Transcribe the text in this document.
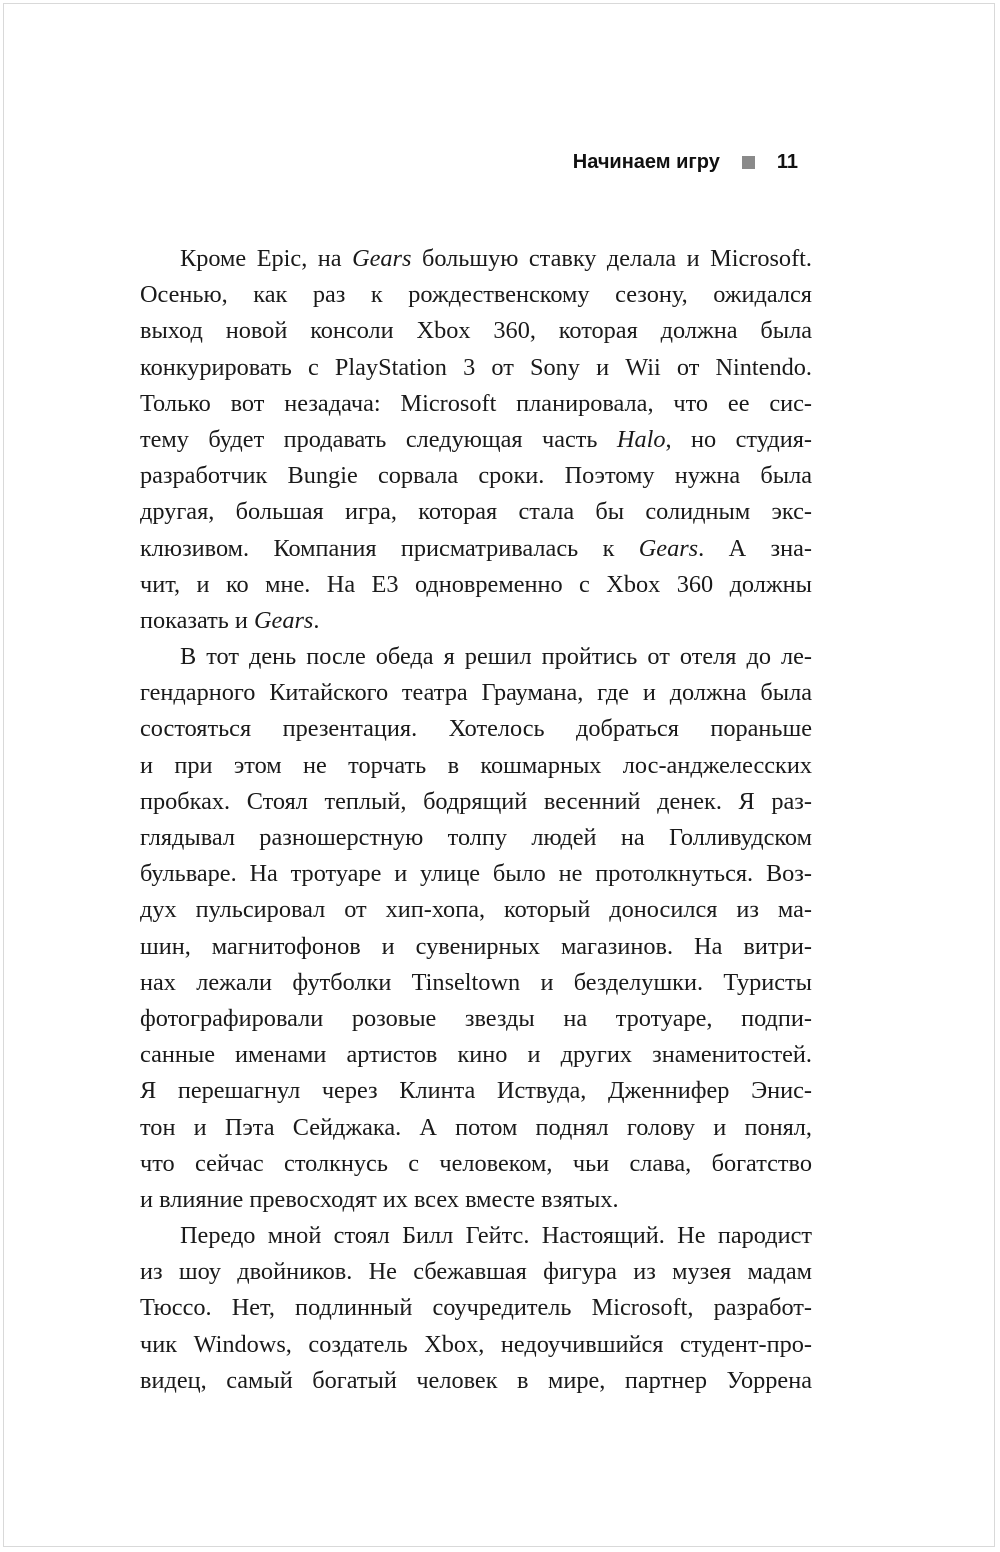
Начинаем игру	11
Кроме Epic, на Gears большую ставку делала и Microsoft.
Осенью, как раз к рождественскому сезону, ожидался
выход новой консоли Xbox 360, которая должна была
конкурировать с PlayStation 3 от Sony и Wii от Nintendo.
Только вот незадача: Microsoft планировала, что ее сис-
тему будет продавать следующая часть Halo, но студия-
разработчик Bungie сорвала сроки. Поэтому нужна была
другая, большая игра, которая стала бы солидным экс-
клюзивом. Компания присматривалась к Gears. А зна-
чит, и ко мне. На E3 одновременно с Xbox 360 должны
показать и Gears.
В тот день после обеда я решил пройтись от отеля до ле-
гендарного Китайского театра Граумана, где и должна была
состояться презентация. Хотелось добраться пораньше
и при этом не торчать в кошмарных лос-анджелесских
пробках. Стоял теплый, бодрящий весенний денек. Я раз-
глядывал разношерстную толпу людей на Голливудском
бульваре. На тротуаре и улице было не протолкнуться. Воз-
дух пульсировал от хип-хопа, который доносился из ма-
шин, магнитофонов и сувенирных магазинов. На витри-
нах лежали футболки Tinseltown и безделушки. Туристы
фотографировали розовые звезды на тротуаре, подпи-
санные именами артистов кино и других знаменитостей.
Я перешагнул через Клинта Иствуда, Дженнифер Энис-
тон и Пэта Сейджака. А потом поднял голову и понял,
что сейчас столкнусь с человеком, чьи слава, богатство
и влияние превосходят их всех вместе взятых.
Передо мной стоял Билл Гейтс. Настоящий. Не пародист
из шоу двойников. Не сбежавшая фигура из музея мадам
Тюссо. Нет, подлинный соучредитель Microsoft, разработ-
чик Windows, создатель Xbox, недоучившийся студент-про-
видец, самый богатый человек в мире, партнер Уоррена
